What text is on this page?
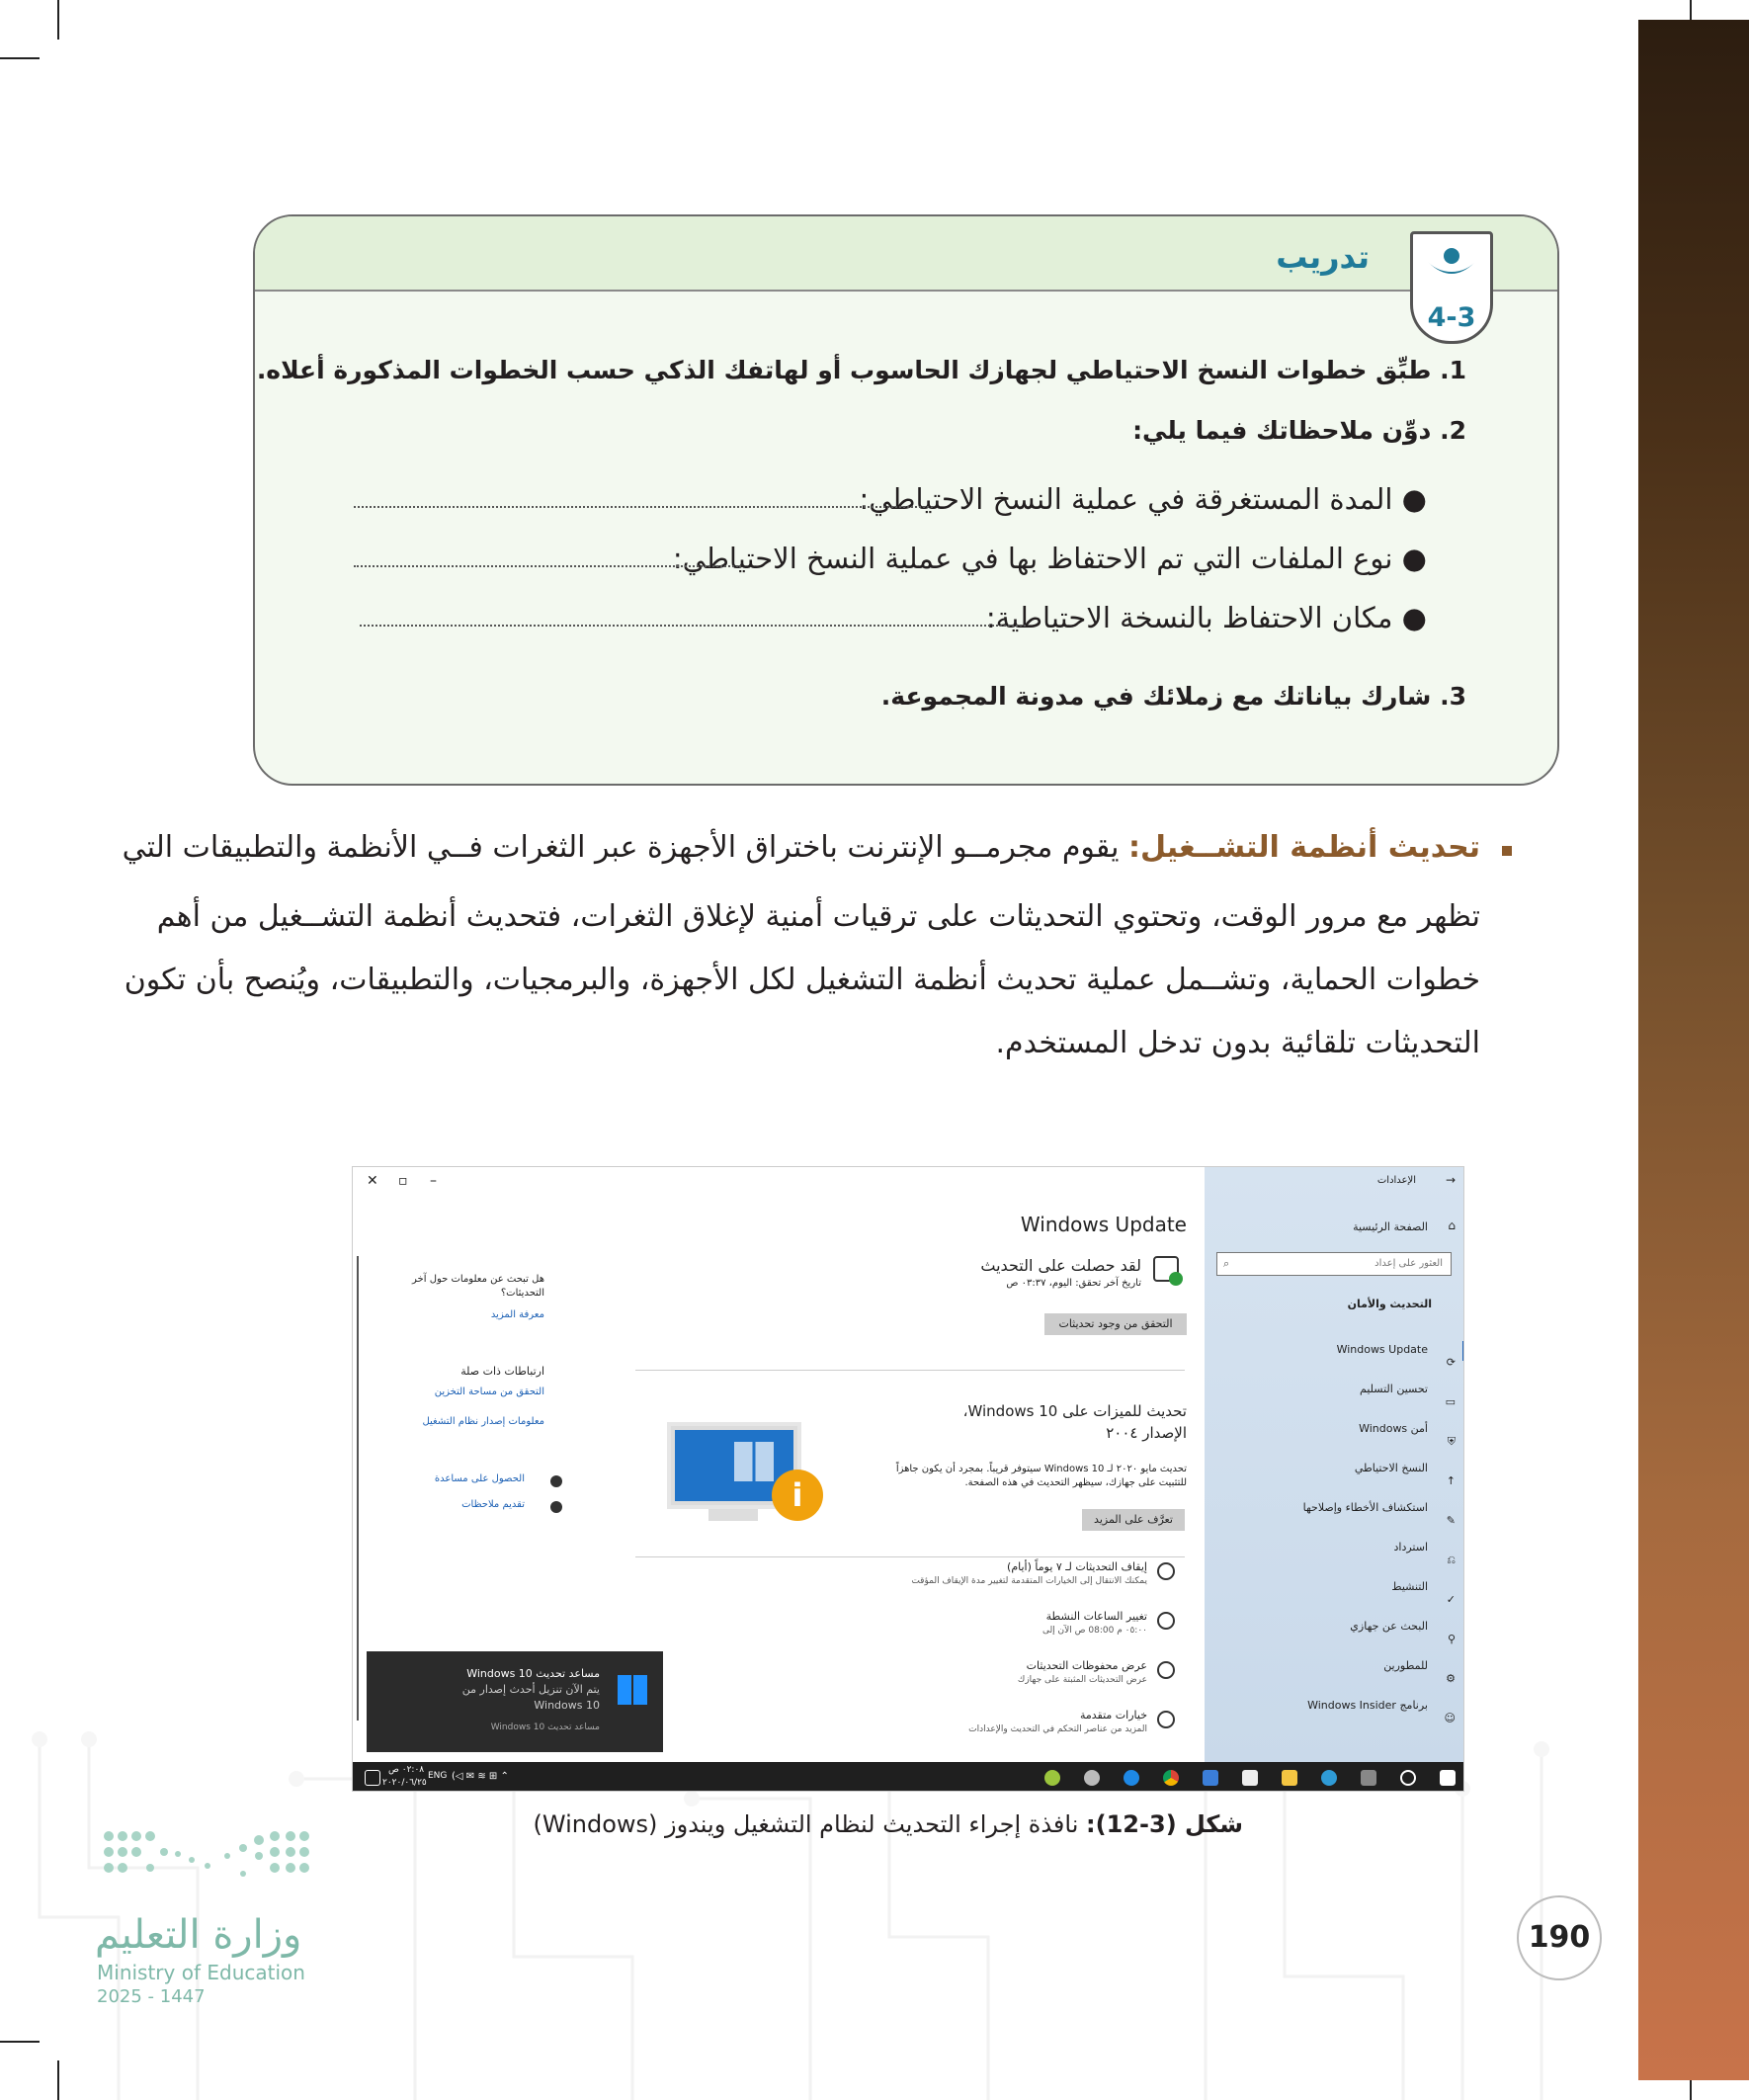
تدريب
4-3
1. طبِّق خطوات النسخ الاحتياطي لجهازك الحاسوب أو لهاتفك الذكي حسب الخطوات المذكورة أعلاه.
2. دوِّن ملاحظاتك فيما يلي:
● المدة المستغرقة في عملية النسخ الاحتياطي:
● نوع الملفات التي تم الاحتفاظ بها في عملية النسخ الاحتياطي:
● مكان الاحتفاظ بالنسخة الاحتياطية:
3. شارك بياناتك مع زملائك في مدونة المجموعة.
تحديث أنظمة التشــغيل: يقوم مجرمــو الإنترنت باختراق الأجهزة عبر الثغرات فــي الأنظمة والتطبيقات التي
تظهر مع مرور الوقت، وتحتوي التحديثات على ترقيات أمنية لإغلاق الثغرات، فتحديث أنظمة التشــغيل من أهم
خطوات الحماية، وتشــمل عملية تحديث أنظمة التشغيل لكل الأجهزة، والبرمجيات، والتطبيقات، ويُنصح بأن تكون
التحديثات تلقائية بدون تدخل المستخدم.
✕ ▫ –
Windows Update
لقد حصلت على التحديث
تاريخ آخر تحقق: اليوم، ٠٣:٣٧ ص
التحقق من وجود تحديثات
i
تحديث للميزات على Windows 10،
الإصدار ٢٠٠٤
تحديث مايو ٢٠٢٠ لـ Windows 10 سيتوفر قريباً. بمجرد أن يكون جاهزاً
للتثبيت على جهازك، سيظهر التحديث في هذه الصفحة.
تعرَّف على المزيد
إيقاف التحديثات لـ ٧ يوماً (أيام)
يمكنك الانتقال إلى الخيارات المتقدمة لتغيير مدة الإيقاف المؤقت
تغيير الساعات النشطة
٠٥:٠٠ م 08:00 ص الآن إلى
عرض محفوظات التحديثات
عرض التحديثات المثبتة على جهازك
خيارات متقدمة
المزيد من عناصر التحكم في التحديث والإعدادات
هل تبحث عن معلومات حول آخر
التحديثات؟
معرفة المزيد
ارتباطات ذات صلة
التحقق من مساحة التخزين
معلومات إصدار نظام التشغيل
الحصول على مساعدة
تقديم ملاحظات
مساعد تحديث Windows 10
يتم الآن تنزيل أحدث إصدار من
Windows 10
مساعد تحديث Windows 10
→
الإعدادات
⌂
الصفحة الرئيسية
العثور على إعداد
⌕
التحديث والأمان
Windows Update
تحسين التسليم
أمن Windows
النسخ الاحتياطي
استكشاف الأخطاء وإصلاحها
استرداد
التنشيط
البحث عن جهازي
للمطورين
برنامج Windows Insider
⟳
▭
⛨
↑
✎
⎌
✓
⚲
⚙
☺
⌃ ⊞ ≋ ✉ ◁)
ENG
٠٢:٠٨ ص
٢٠٢٠/٠٦/٢٥
شكل (3-12): نافذة إجراء التحديث لنظام التشغيل ويندوز (Windows)
190
وزارة التعليم
Ministry of Education
2025 - 1447
